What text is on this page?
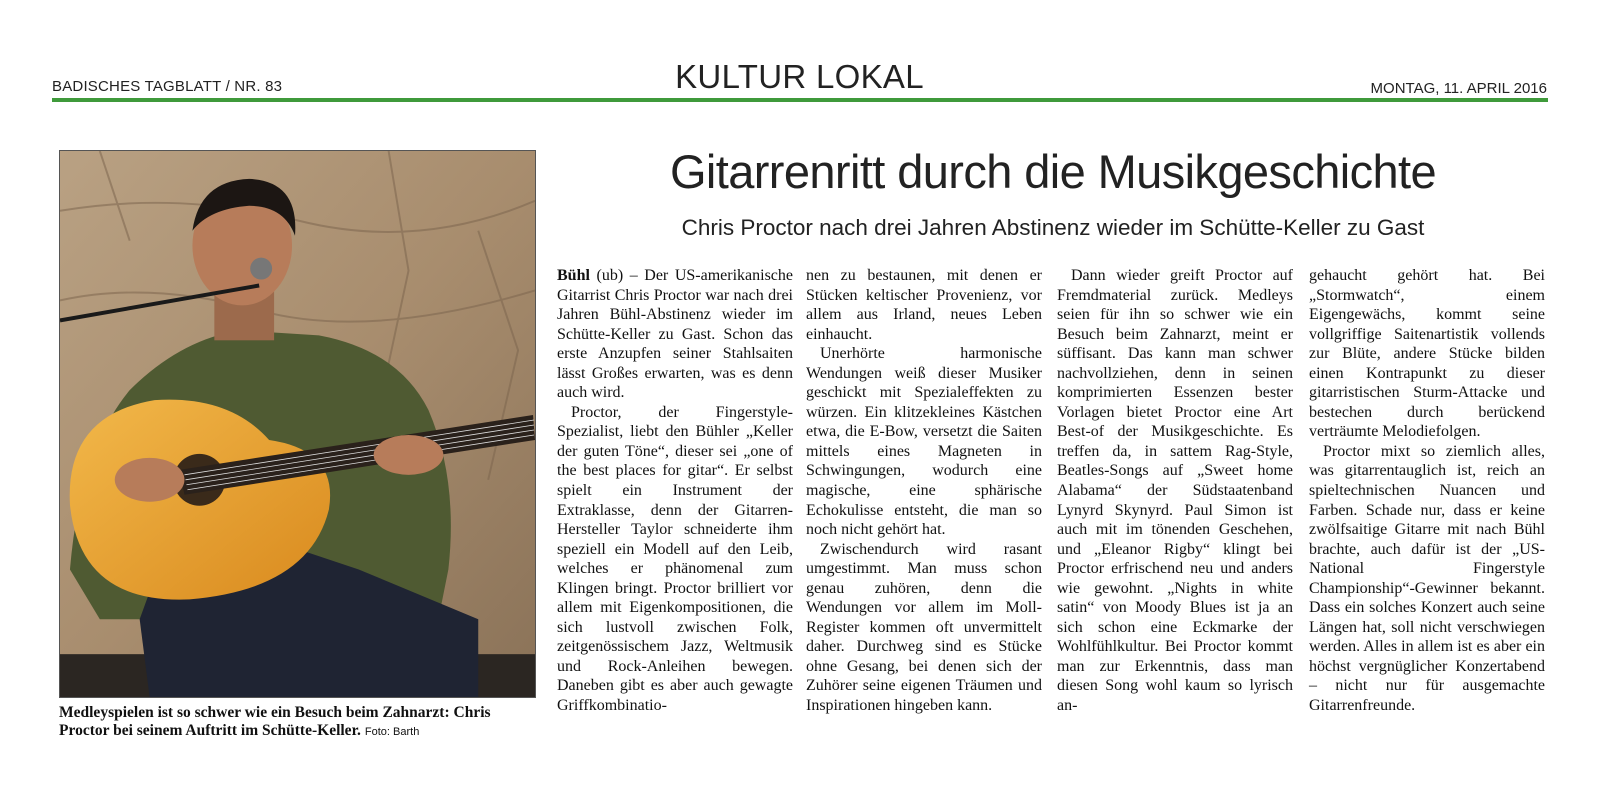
BADISCHES TAGBLATT / NR. 83	KULTUR LOKAL	MONTAG, 11. APRIL 2016
Medleyspielen ist so schwer wie ein Besuch beim Zahnarzt: Chris Proctor bei seinem Auftritt im Schütte-Keller. Foto: Barth
Gitarrenritt durch die Musikgeschichte
Chris Proctor nach drei Jahren Abstinenz wieder im Schütte-Keller zu Gast

Bühl (ub) – Der US-amerikanische Gitarrist Chris Proctor war nach drei Jahren Bühl-Abstinenz wieder im Schütte-Keller zu Gast. Schon das erste Anzupfen seiner Stahlsaiten lässt Großes erwarten, was es denn auch wird.

Proctor, der Fingerstyle-Spezialist, liebt den Bühler „Keller der guten Töne“, dieser sei „one of the best places for gitar“. Er selbst spielt ein Instrument der Extraklasse, denn der Gitarren-Hersteller Taylor schneiderte ihm speziell ein Modell auf den Leib, welches er phänomenal zum Klingen bringt. Proctor brilliert vor allem mit Eigenkompositionen, die sich lustvoll zwischen Folk, zeitgenössischem Jazz, Weltmusik und Rock-Anleihen bewegen. Daneben gibt es aber auch gewagte Griffkombinatio-

nen zu bestaunen, mit denen er Stücken keltischer Provenienz, vor allem aus Irland, neues Leben einhaucht.

Unerhörte harmonische Wendungen weiß dieser Musiker geschickt mit Spezialeffekten zu würzen. Ein klitzekleines Kästchen etwa, die E-Bow, versetzt die Saiten mittels eines Magneten in Schwingungen, wodurch eine magische, eine sphärische Echokulisse entsteht, die man so noch nicht gehört hat.

Zwischendurch wird rasant umgestimmt. Man muss schon genau zuhören, denn die Wendungen vor allem im Moll-Register kommen oft unvermittelt daher. Durchweg sind es Stücke ohne Gesang, bei denen sich der Zuhörer seine eigenen Träumen und Inspirationen hingeben kann.

Dann wieder greift Proctor auf Fremdmaterial zurück. Medleys seien für ihn so schwer wie ein Besuch beim Zahnarzt, meint er süffisant. Das kann man schwer nachvollziehen, denn in seinen komprimierten Essenzen bester Vorlagen bietet Proctor eine Art Best-of der Musikgeschichte. Es treffen da, in sattem Rag-Style, Beatles-Songs auf „Sweet home Alabama“ der Südstaatenband Lynyrd Skynyrd. Paul Simon ist auch mit im tönenden Geschehen, und „Eleanor Rigby“ klingt bei Proctor erfrischend neu und anders wie gewohnt. „Nights in white satin“ von Moody Blues ist ja an sich schon eine Eckmarke der Wohlfühlkultur. Bei Proctor kommt man zur Erkenntnis, dass man diesen Song wohl kaum so lyrisch an-

gehaucht gehört hat. Bei „Stormwatch“, einem Eigengewächs, kommt seine vollgriffige Saitenartistik vollends zur Blüte, andere Stücke bilden einen Kontrapunkt zu dieser gitarristischen Sturm-Attacke und bestechen durch berückend verträumte Melodiefolgen.

Proctor mixt so ziemlich alles, was gitarrentauglich ist, reich an spieltechnischen Nuancen und Farben. Schade nur, dass er keine zwölfsaitige Gitarre mit nach Bühl brachte, auch dafür ist der „US-National Fingerstyle Championship“-Gewinner bekannt. Dass ein solches Konzert auch seine Längen hat, soll nicht verschwiegen werden. Alles in allem ist es aber ein höchst vergnüglicher Konzertabend – nicht nur für ausgemachte Gitarrenfreunde.
